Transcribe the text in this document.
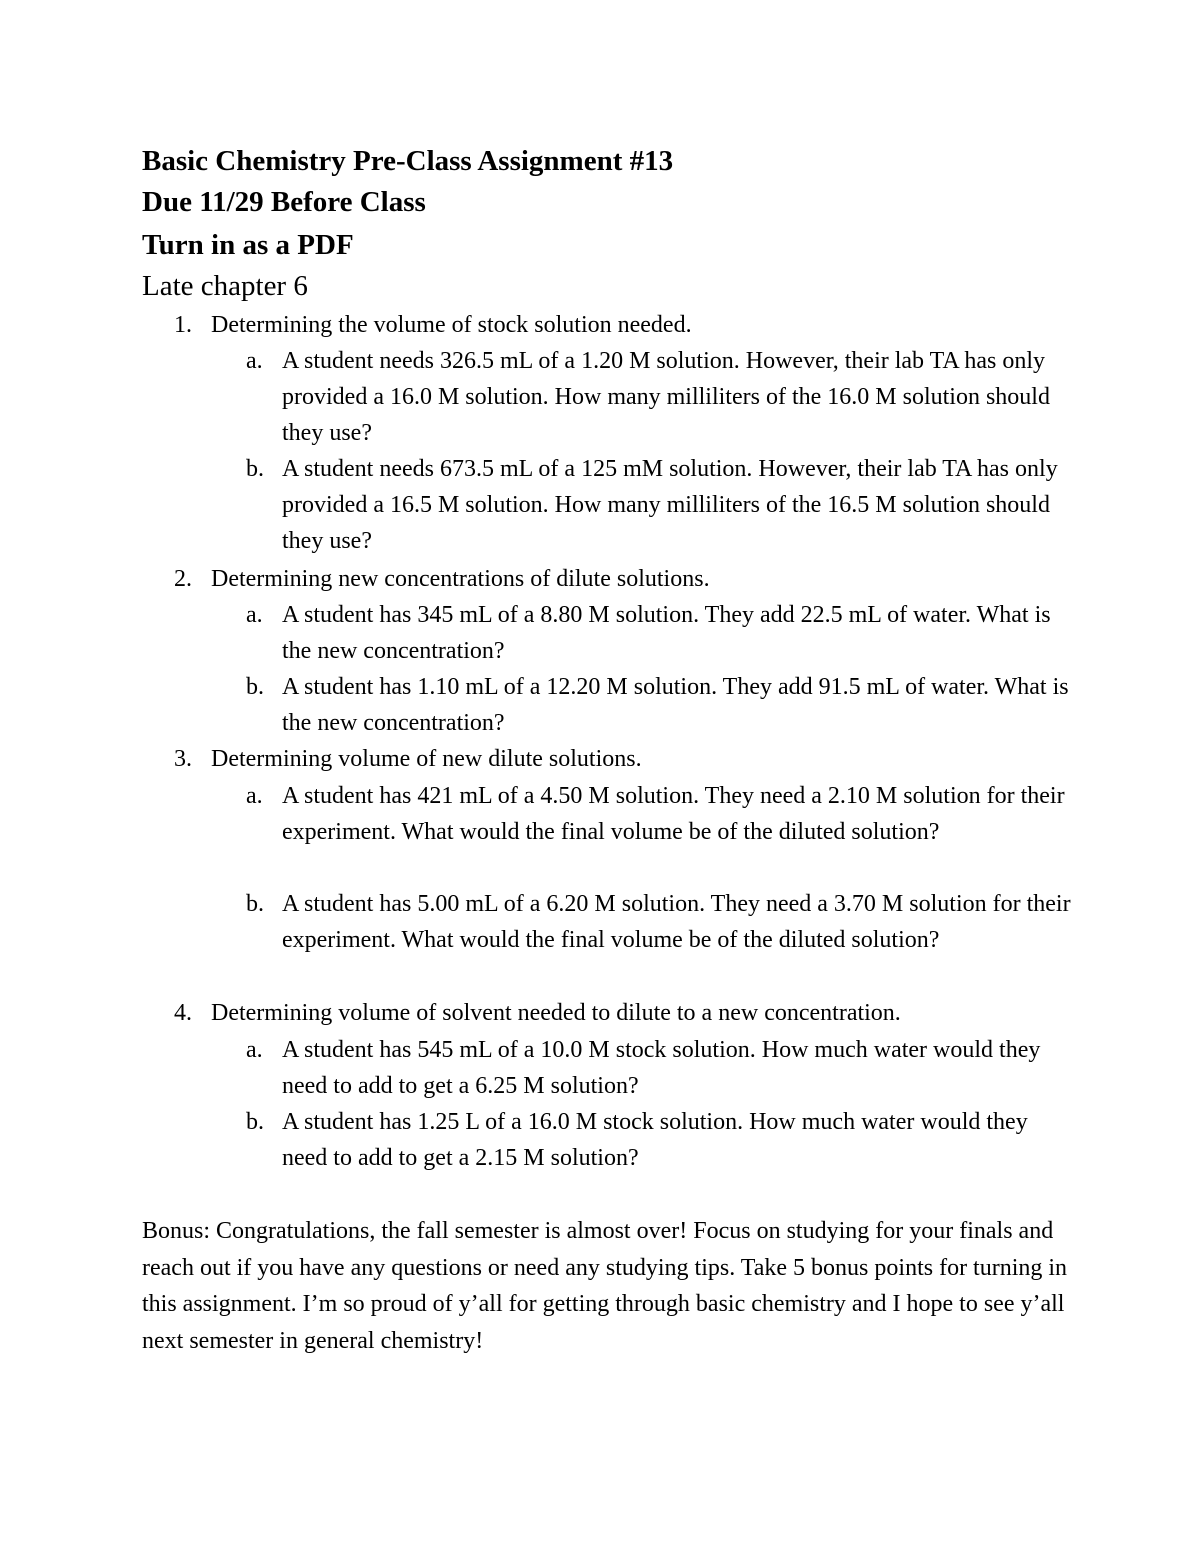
Basic Chemistry Pre-Class Assignment #13
Due 11/29 Before Class
Turn in as a PDF
Late chapter 6
1. Determining the volume of stock solution needed.
a. A student needs 326.5 mL of a 1.20 M solution. However, their lab TA has only provided a 16.0 M solution. How many milliliters of the 16.0 M solution should they use?
b. A student needs 673.5 mL of a 125 mM solution. However, their lab TA has only provided a 16.5 M solution. How many milliliters of the 16.5 M solution should they use?
2. Determining new concentrations of dilute solutions.
a. A student has 345 mL of a 8.80 M solution. They add 22.5 mL of water. What is the new concentration?
b. A student has 1.10 mL of a 12.20 M solution. They add 91.5 mL of water. What is the new concentration?
3. Determining volume of new dilute solutions.
a. A student has 421 mL of a 4.50 M solution. They need a 2.10 M solution for their experiment. What would the final volume be of the diluted solution?
b. A student has 5.00 mL of a 6.20 M solution. They need a 3.70 M solution for their experiment. What would the final volume be of the diluted solution?
4. Determining volume of solvent needed to dilute to a new concentration.
a. A student has 545 mL of a 10.0 M stock solution. How much water would they need to add to get a 6.25 M solution?
b. A student has 1.25 L of a 16.0 M stock solution. How much water would they need to add to get a 2.15 M solution?
Bonus: Congratulations, the fall semester is almost over! Focus on studying for your finals and reach out if you have any questions or need any studying tips. Take 5 bonus points for turning in this assignment. I’m so proud of y’all for getting through basic chemistry and I hope to see y’all next semester in general chemistry!
